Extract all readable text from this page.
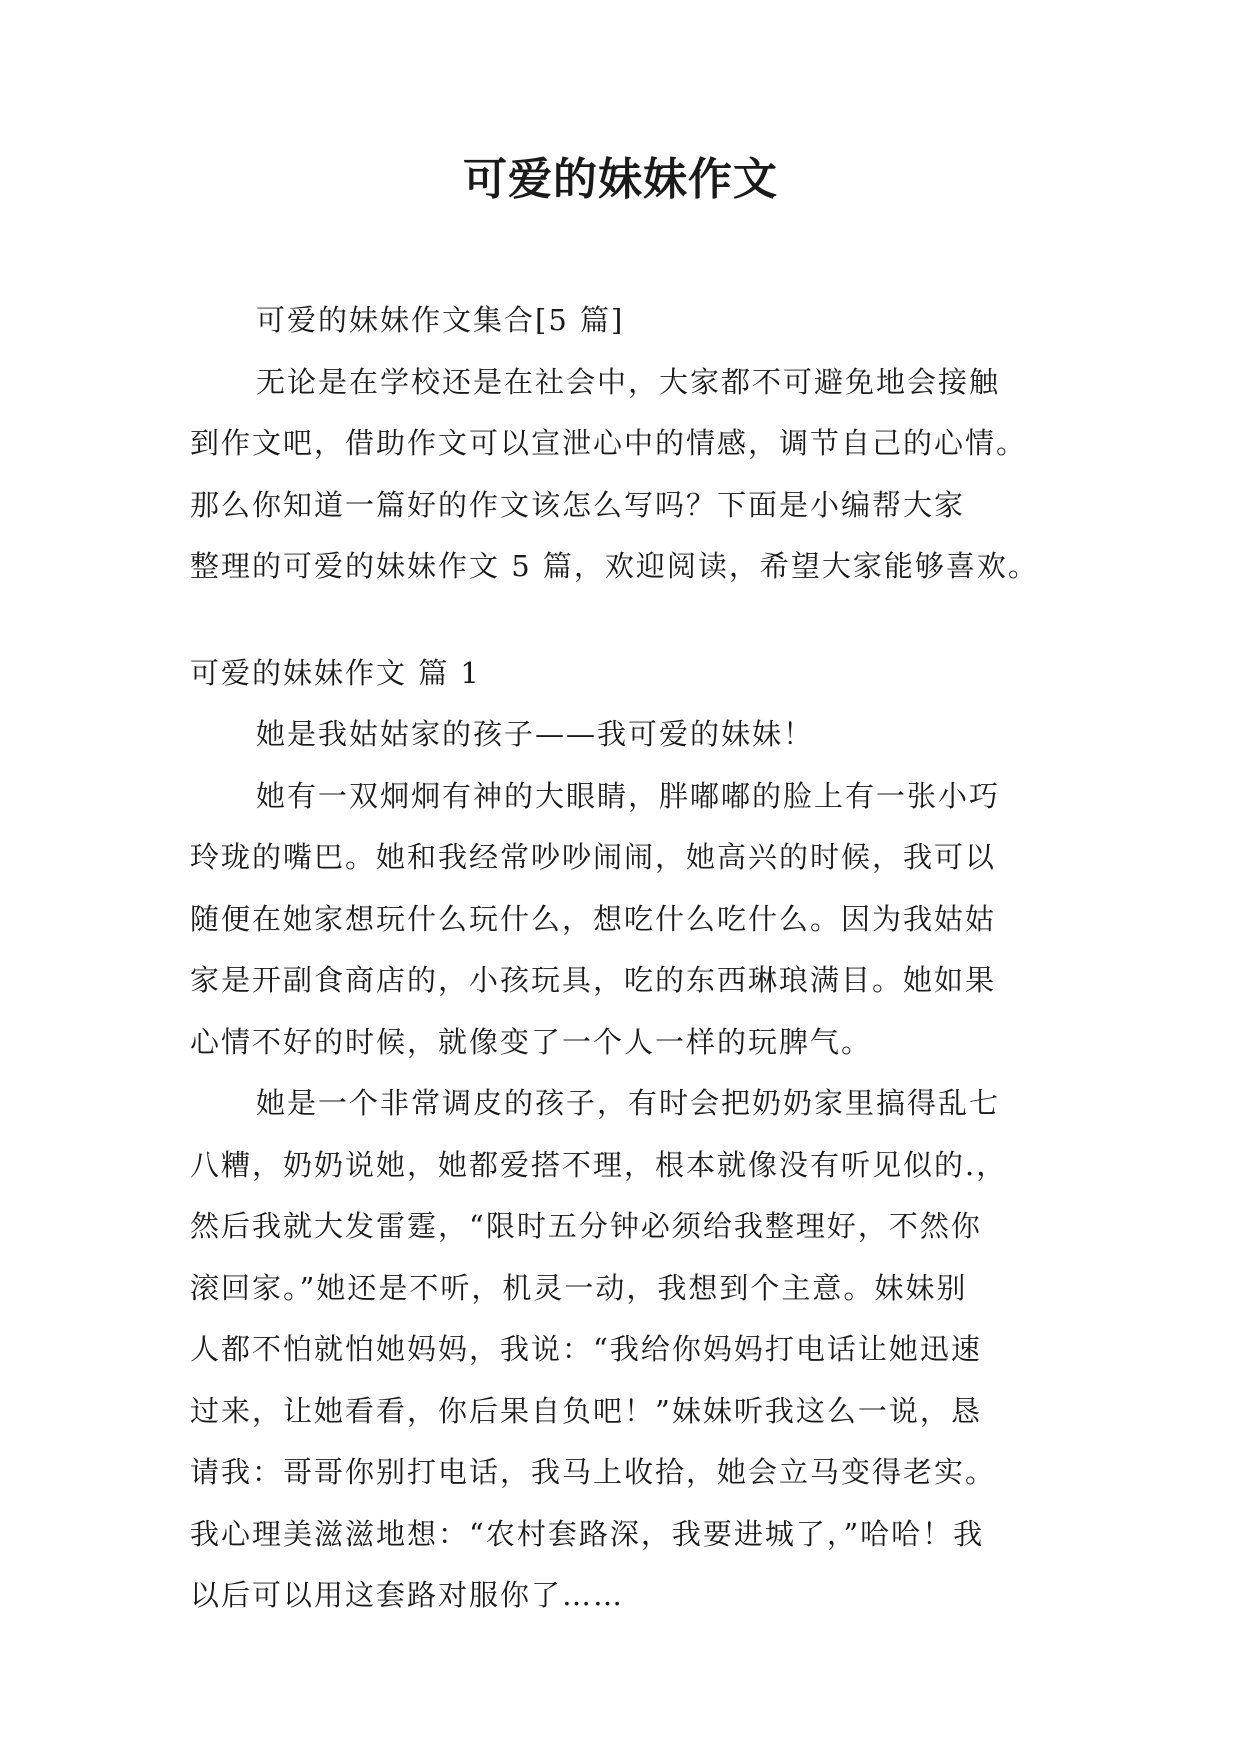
可爱的妹妹作文

可爱的妹妹作文集合[5 篇]

无论是在学校还是在社会中，大家都不可避免地会接触

到作文吧，借助作文可以宣泄心中的情感，调节自己的心情。

那么你知道一篇好的作文该怎么写吗？下面是小编帮大家

整理的可爱的妹妹作文 5 篇，欢迎阅读，希望大家能够喜欢。

可爱的妹妹作文 篇 1

她是我姑姑家的孩子——我可爱的妹妹！

她有一双炯炯有神的大眼睛，胖嘟嘟的脸上有一张小巧

玲珑的嘴巴。她和我经常吵吵闹闹，她高兴的时候，我可以

随便在她家想玩什么玩什么，想吃什么吃什么。因为我姑姑

家是开副食商店的，小孩玩具，吃的东西琳琅满目。她如果

心情不好的时候，就像变了一个人一样的玩脾气。

她是一个非常调皮的孩子，有时会把奶奶家里搞得乱七

八糟，奶奶说她，她都爱搭不理，根本就像没有听见似的.，

然后我就大发雷霆，“限时五分钟必须给我整理好，不然你

滚回家。”她还是不听，机灵一动，我想到个主意。妹妹别

人都不怕就怕她妈妈，我说：“我给你妈妈打电话让她迅速

过来，让她看看，你后果自负吧！”妹妹听我这么一说，恳

请我：哥哥你别打电话，我马上收拾，她会立马变得老实。

我心理美滋滋地想：“农村套路深，我要进城了，”哈哈！我

以后可以用这套路对服你了……
